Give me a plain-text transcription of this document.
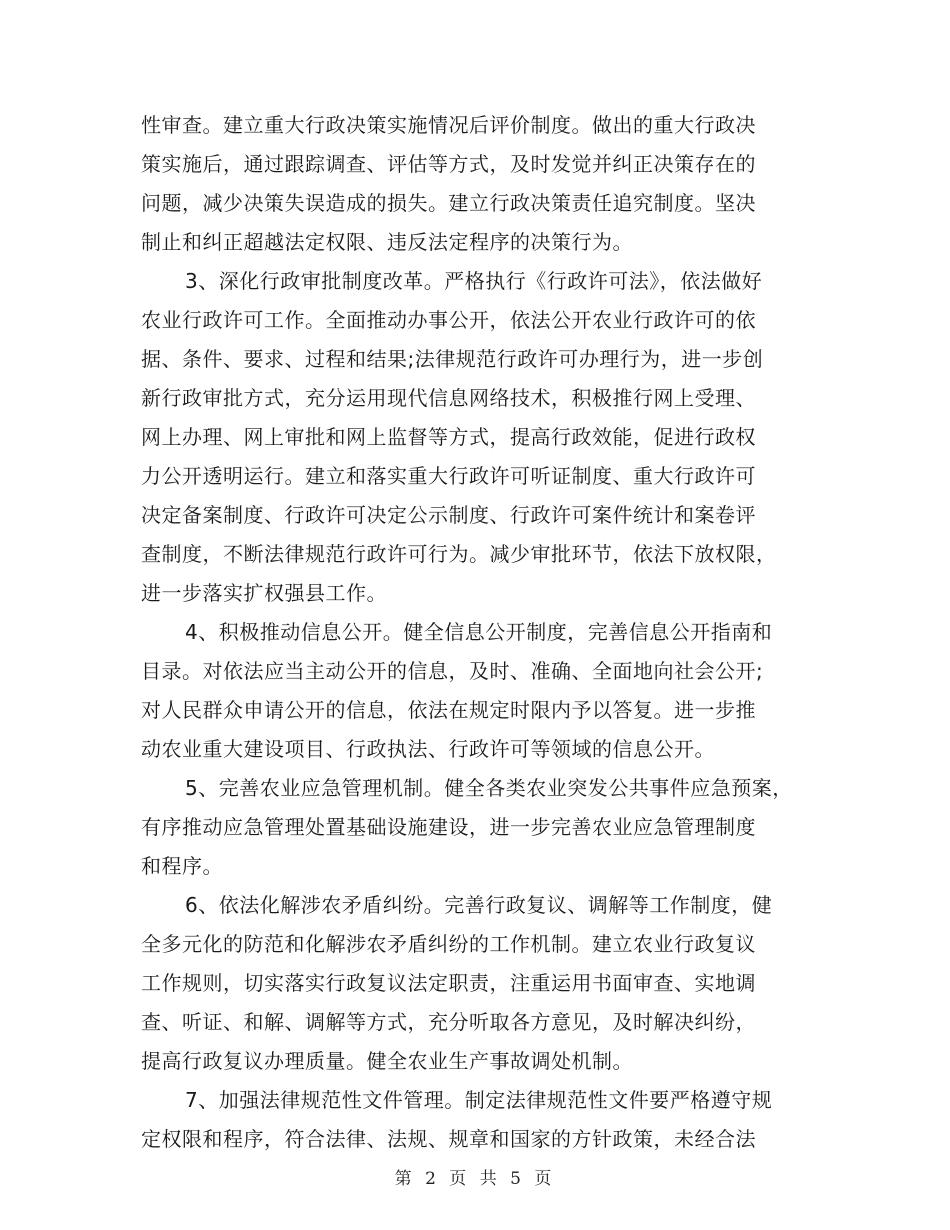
性审查。建立重大行政决策实施情况后评价制度。做出的重大行政决
策实施后，通过跟踪调查、评估等方式，及时发觉并纠正决策存在的
问题，减少决策失误造成的损失。建立行政决策责任追究制度。坚决
制止和纠正超越法定权限、违反法定程序的决策行为。
3、深化行政审批制度改革。严格执行《行政许可法》，依法做好
农业行政许可工作。全面推动办事公开，依法公开农业行政许可的依
据、条件、要求、过程和结果;法律规范行政许可办理行为，进一步创
新行政审批方式，充分运用现代信息网络技术，积极推行网上受理、
网上办理、网上审批和网上监督等方式，提高行政效能，促进行政权
力公开透明运行。建立和落实重大行政许可听证制度、重大行政许可
决定备案制度、行政许可决定公示制度、行政许可案件统计和案卷评
查制度，不断法律规范行政许可行为。减少审批环节，依法下放权限，
进一步落实扩权强县工作。
4、积极推动信息公开。健全信息公开制度，完善信息公开指南和
目录。对依法应当主动公开的信息，及时、准确、全面地向社会公开;
对人民群众申请公开的信息，依法在规定时限内予以答复。进一步推
动农业重大建设项目、行政执法、行政许可等领域的信息公开。
5、完善农业应急管理机制。健全各类农业突发公共事件应急预案，
有序推动应急管理处置基础设施建设，进一步完善农业应急管理制度
和程序。
6、依法化解涉农矛盾纠纷。完善行政复议、调解等工作制度，健
全多元化的防范和化解涉农矛盾纠纷的工作机制。建立农业行政复议
工作规则，切实落实行政复议法定职责，注重运用书面审查、实地调
查、听证、和解、调解等方式，充分听取各方意见，及时解决纠纷，
提高行政复议办理质量。健全农业生产事故调处机制。
7、加强法律规范性文件管理。制定法律规范性文件要严格遵守规
定权限和程序，符合法律、法规、规章和国家的方针政策，未经合法
第 2 页 共 5 页
